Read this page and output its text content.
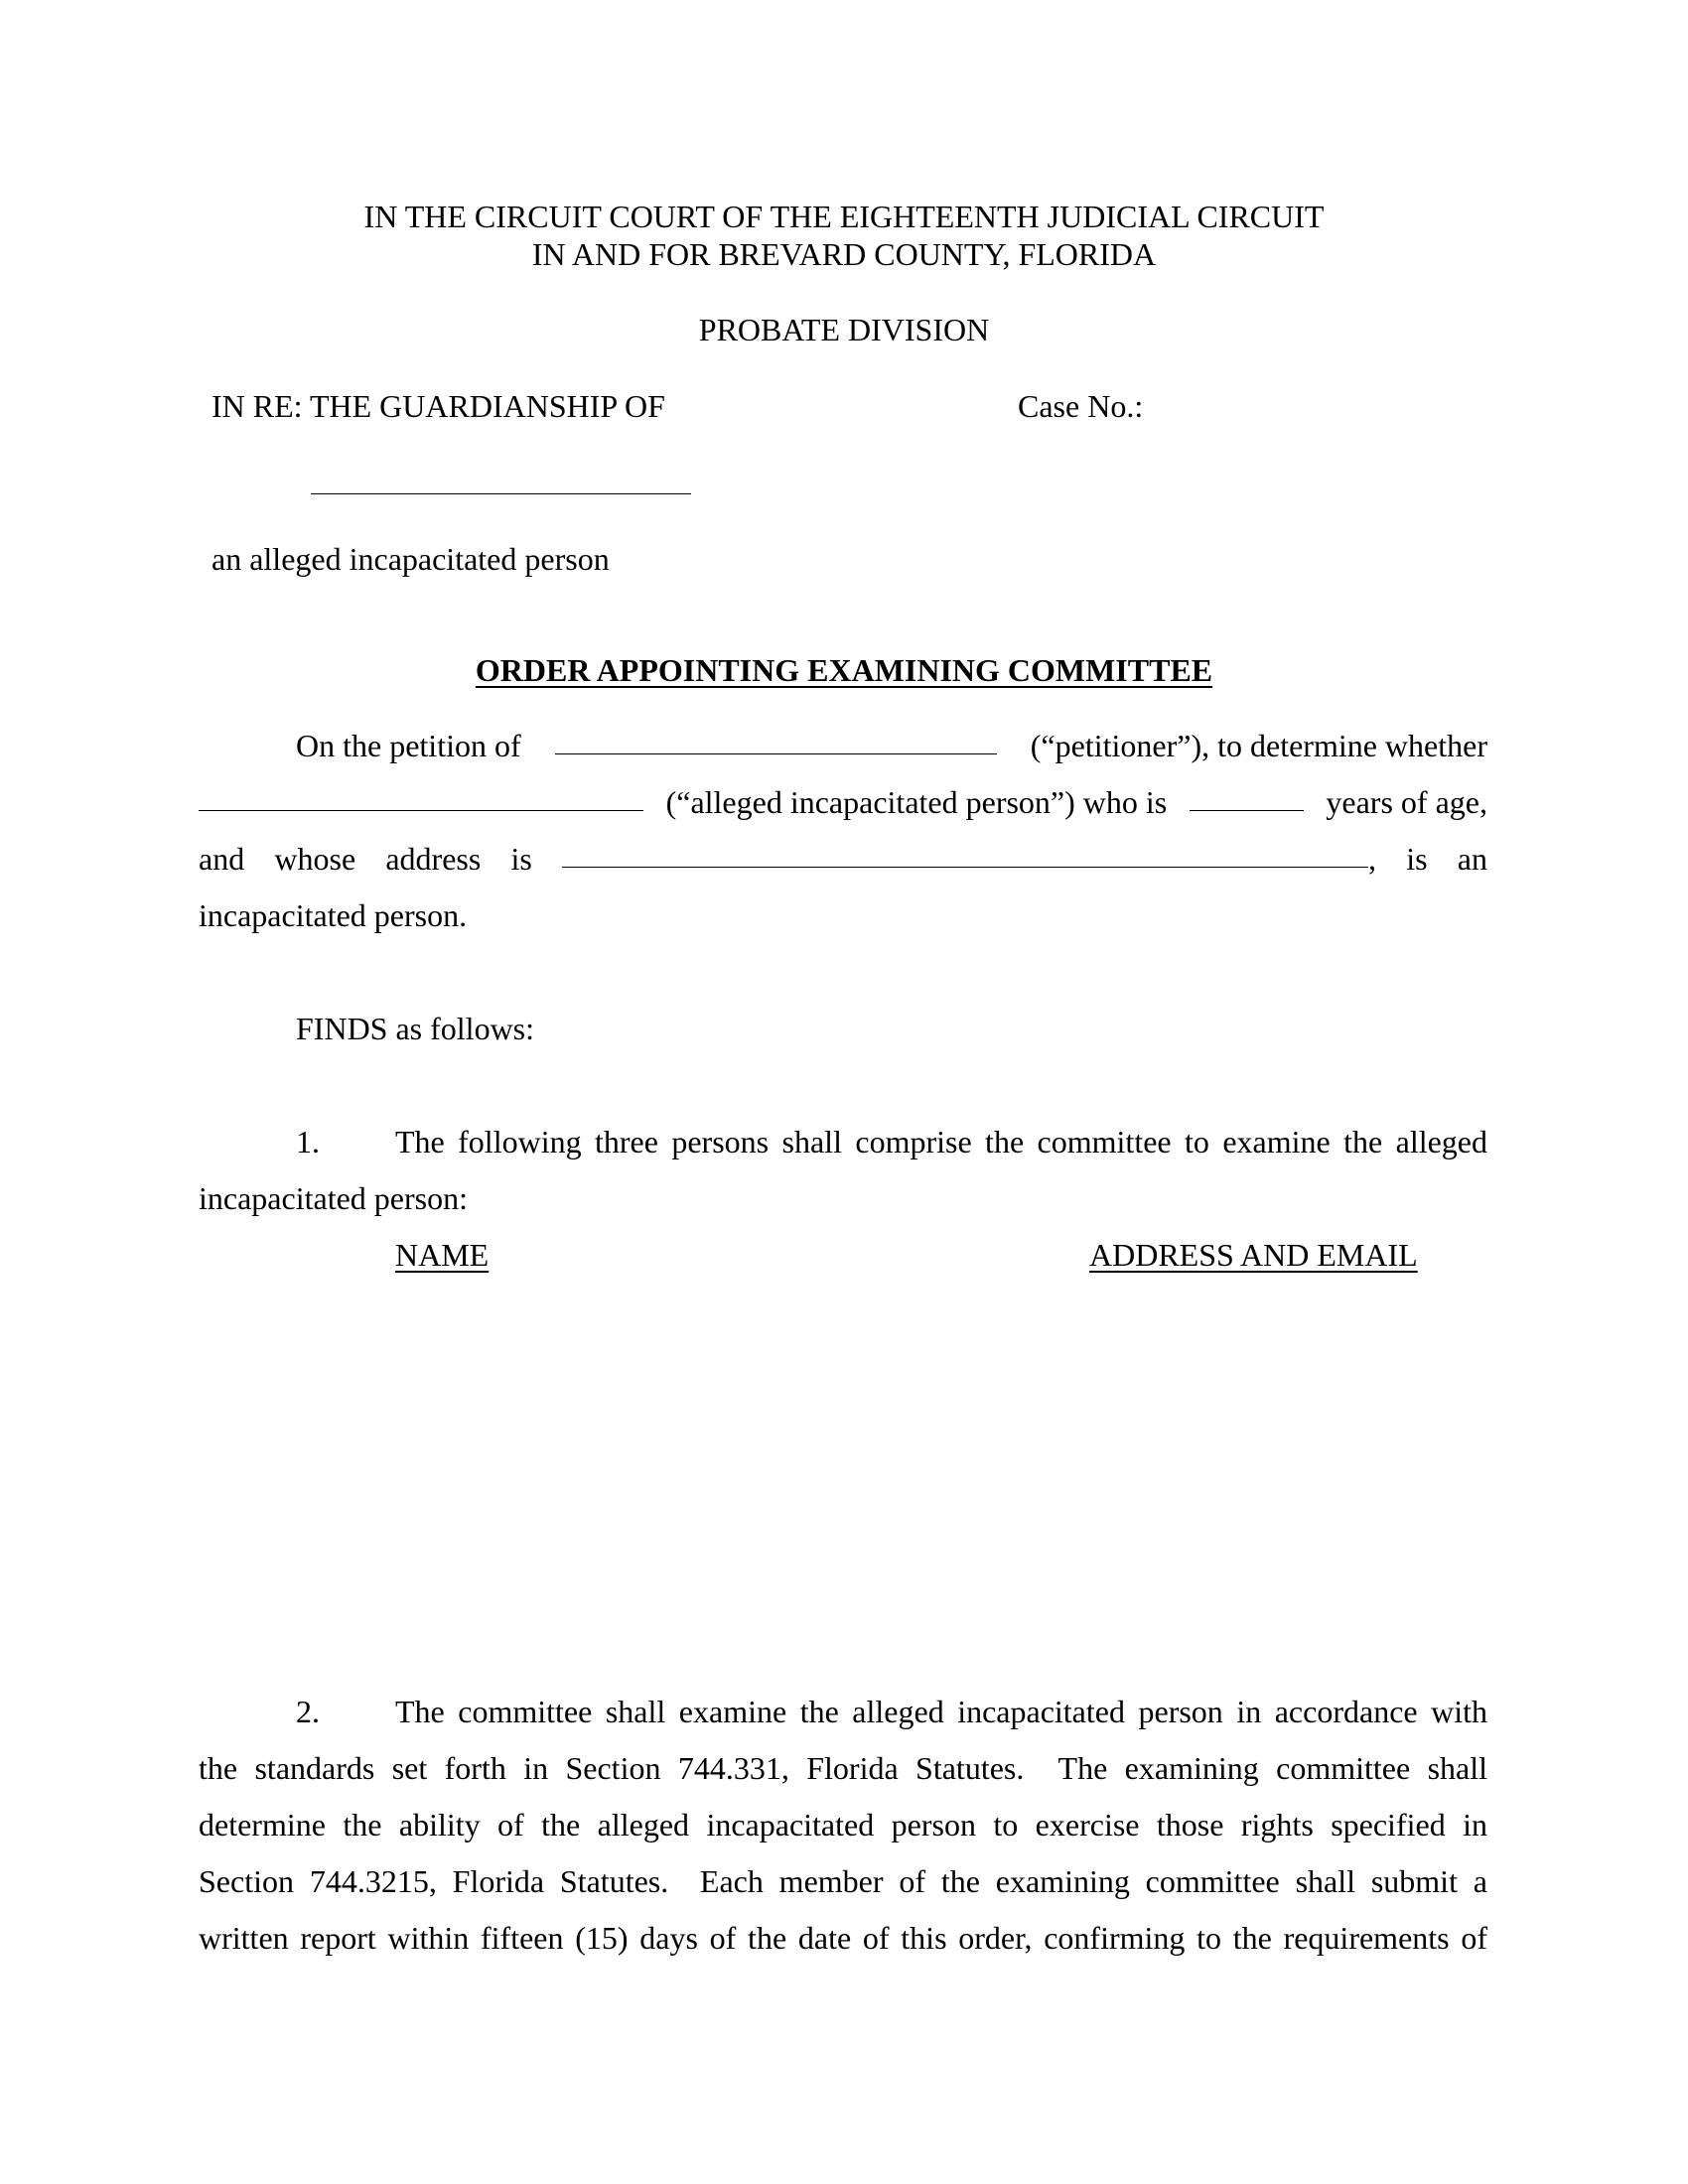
IN THE CIRCUIT COURT OF THE EIGHTEENTH JUDICIAL CIRCUIT
IN AND FOR BREVARD COUNTY, FLORIDA
PROBATE DIVISION
IN RE: THE GUARDIANSHIP OF	Case No.:
an alleged incapacitated person
ORDER APPOINTING EXAMINING COMMITTEE
On the petition of	(“petitioner”), to determine whether
(“alleged incapacitated person”) who is	years of age,
and whose address is	, is an
incapacitated person.
FINDS as follows:
1. The following three persons shall comprise the committee to examine the alleged
incapacitated person:
NAME	ADDRESS AND EMAIL
2. The committee shall examine the alleged incapacitated person in accordance with
the standards set forth in Section 744.331, Florida Statutes.  The examining committee shall
determine the ability of the alleged incapacitated person to exercise those rights specified in
Section 744.3215, Florida Statutes.  Each member of the examining committee shall submit a
written report within fifteen (15) days of the date of this order, confirming to the requirements of
